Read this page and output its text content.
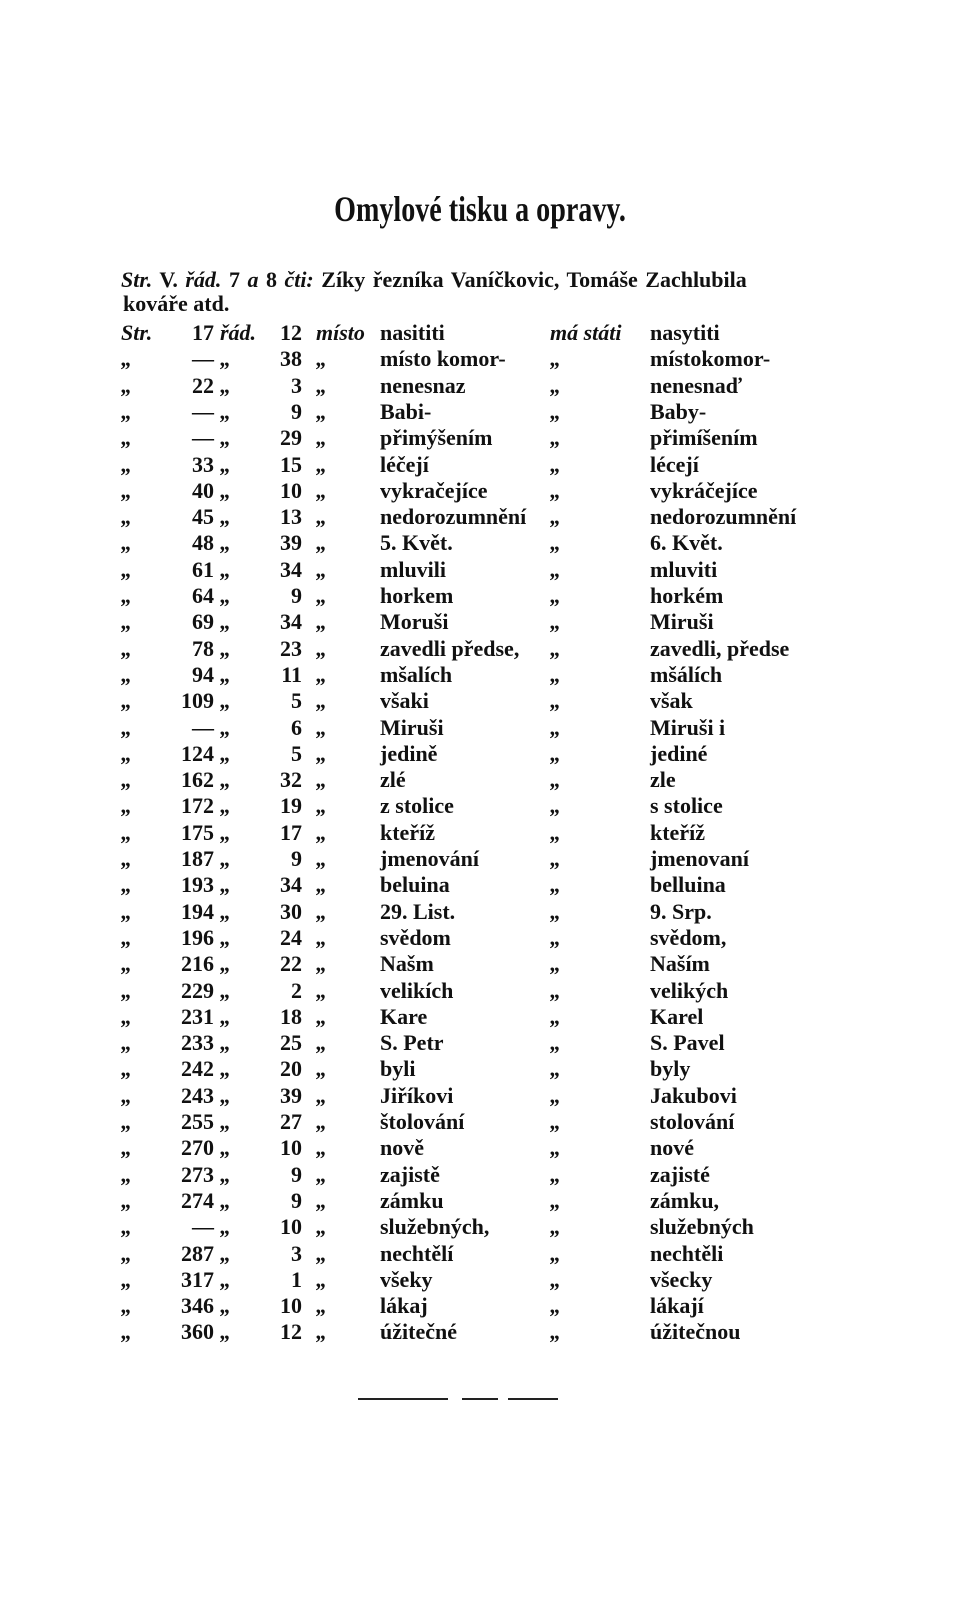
Omylové tisku a opravy.
Str. V. řád. 7 a 8 čti: Zíky řezníka Vaníčkovic, Tomáše Zachlubila
kováře atd.
Str.	17 řád.	12 místo nasititi	má státi	nasytiti
„	— „	38 „	místo komor-	„	místokomor-
„	22 „	3 „	nenesnaz	„	nenesnaď
„	— „	9 „	Babi-	„	Baby-
„	— „	29 „	přimýšením	„	přimíšením
„	33 „	15 „	léčejí	„	lécejí
„	40 „	10 „	vykračejíce	„	vykráčejíce
„	45 „	13 „	nedorozumnění	„	nedorozumnění
„	48 „	39 „	5. Květ.	„	6. Květ.
„	61 „	34 „	mluvili	„	mluviti
„	64 „	9 „	horkem	„	horkém
„	69 „	34 „	Moruši	„	Miruši
„	78 „	23 „	zavedli předse,	„	zavedli, předse
„	94 „	11 „	mšalích	„	mšálích
„	109 „	5 „	všaki	„	však
„	— „	6 „	Miruši	„	Miruši i
„	124 „	5 „	jedině	„	jediné
„	162 „	32 „	zlé	„	zle
„	172 „	19 „	z stolice	„	s stolice
„	175 „	17 „	kteříž	„	kteříž
„	187 „	9 „	jmenování	„	jmenovaní
„	193 „	34 „	beluina	„	belluina
„	194 „	30 „	29. List.	„	9. Srp.
„	196 „	24 „	svědom	„	svědom,
„	216 „	22 „	Našm	„	Naším
„	229 „	2 „	velikích	„	velikých
„	231 „	18 „	Kare	„	Karel
„	233 „	25 „	S. Petr	„	S. Pavel
„	242 „	20 „	byli	„	byly
„	243 „	39 „	Jiříkovi	„	Jakubovi
„	255 „	27 „	štolování	„	stolování
„	270 „	10 „	nově	„	nové
„	273 „	9 „	zajistě	„	zajisté
„	274 „	9 „	zámku	„	zámku,
„	— „	10 „	služebných,	„	služebných
„	287 „	3 „	nechtělí	„	nechtěli
„	317 „	1 „	všeky	„	všecky
„	346 „	10 „	lákaj	„	lákají
„	360 „	12 „	úžitečné	„	úžitečnou
